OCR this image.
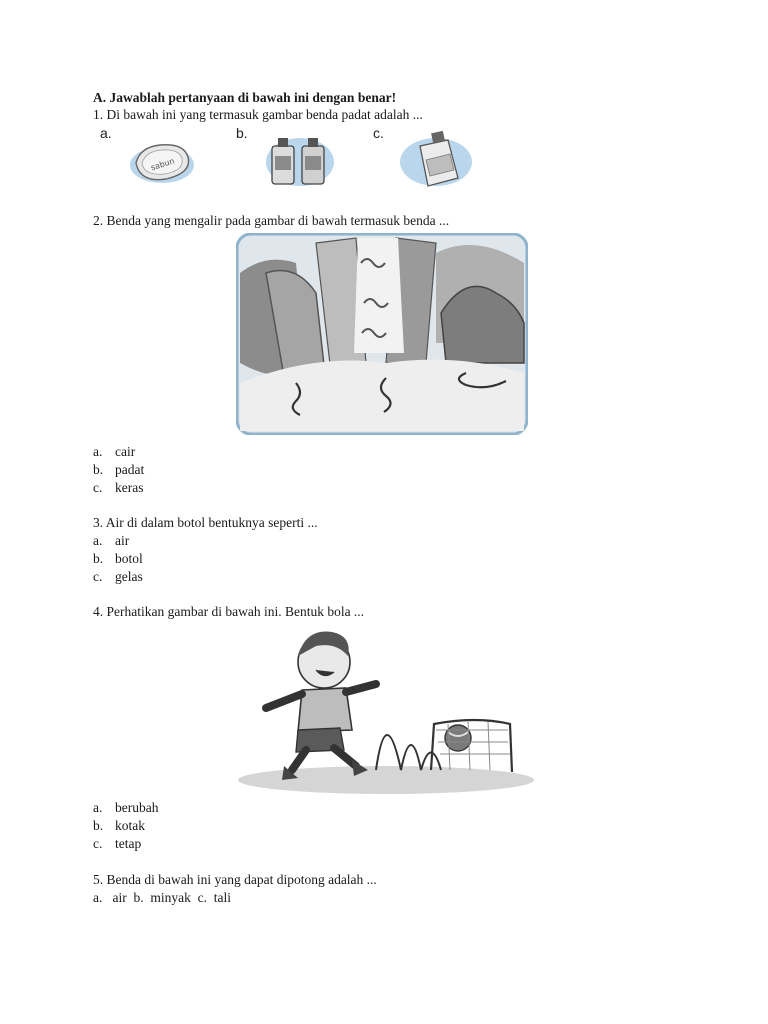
A. Jawablah pertanyaan di bawah ini dengan benar!
1. Di bawah ini yang termasuk gambar benda padat adalah ...
a.	b.	c.
sabun
2. Benda yang mengalir pada gambar di bawah termasuk benda ...
a. cair
b. padat
c. keras
3. Air di dalam botol bentuknya seperti ...
a. air
b. botol
c. gelas
4. Perhatikan gambar di bawah ini. Bentuk bola ...
a. berubah
b. kotak
c. tetap
5. Benda di bawah ini yang dapat dipotong adalah ...
a.   air  b.  minyak  c.  tali
